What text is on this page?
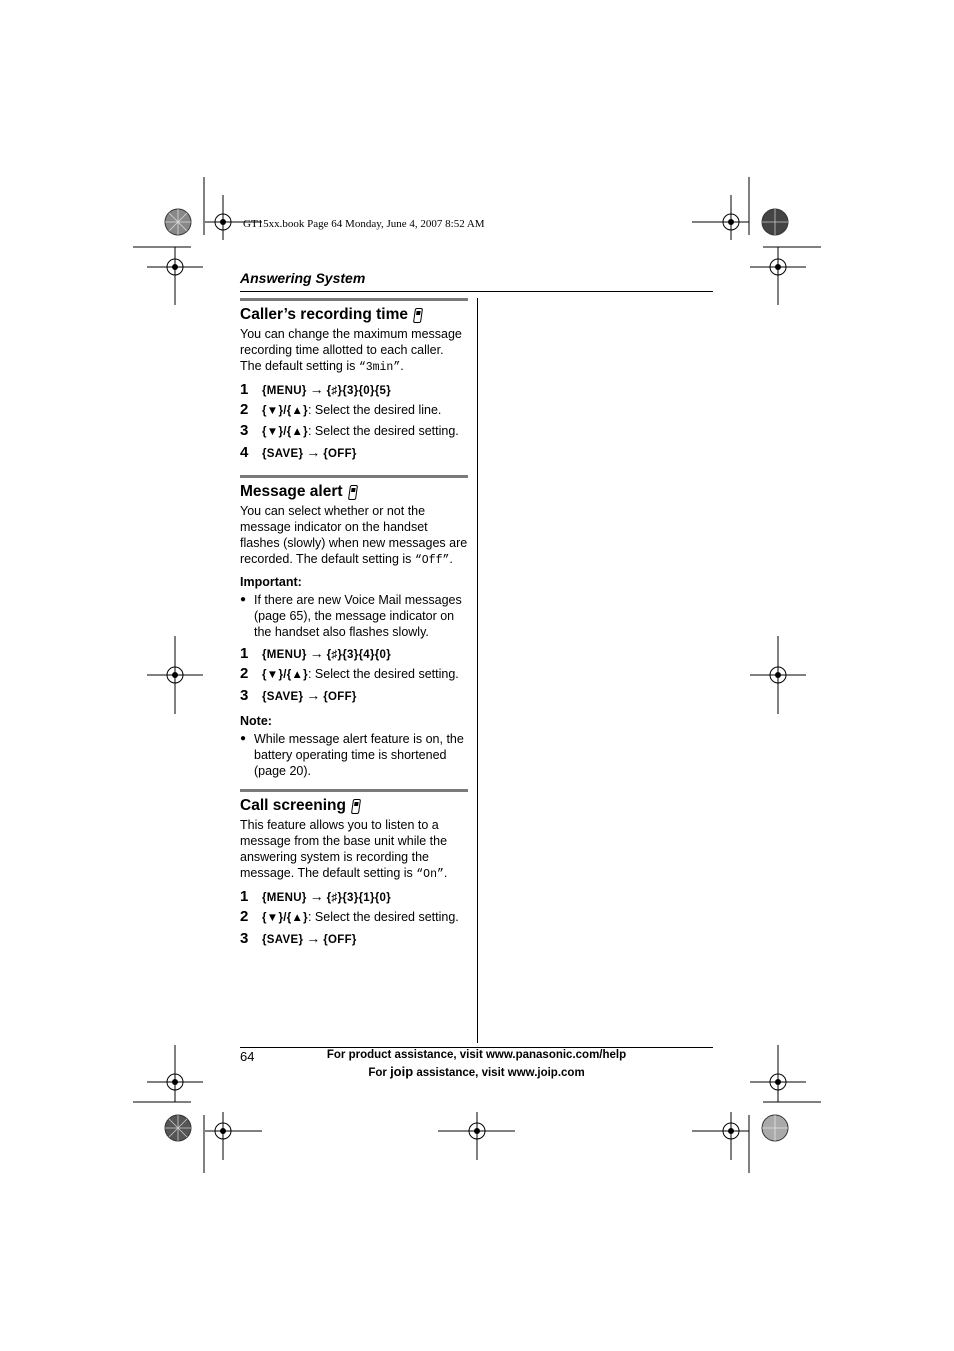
GT15xx.book Page 64 Monday, June 4, 2007 8:52 AM
Answering System
Caller’s recording time

You can change the maximum message recording time allotted to each caller. The default setting is “3min”.

1	{MENU} → {♯}{3}{0}{5}
2	{▼}/{▲}: Select the desired line.
3	{▼}/{▲}: Select the desired setting.
4	{SAVE} → {OFF}
Message alert

You can select whether or not the message indicator on the handset flashes (slowly) when new messages are recorded. The default setting is “Off”.

Important:
● If there are new Voice Mail messages (page 65), the message indicator on the handset also flashes slowly.
1	{MENU} → {♯}{3}{4}{0}
2	{▼}/{▲}: Select the desired setting.
3	{SAVE} → {OFF}
Note:
● While message alert feature is on, the battery operating time is shortened (page 20).
Call screening

This feature allows you to listen to a message from the base unit while the answering system is recording the message. The default setting is “On”.

1	{MENU} → {♯}{3}{1}{0}
2	{▼}/{▲}: Select the desired setting.
3	{SAVE} → {OFF}
64	For product assistance, visit www.panasonic.com/help
For joip assistance, visit www.joip.com
